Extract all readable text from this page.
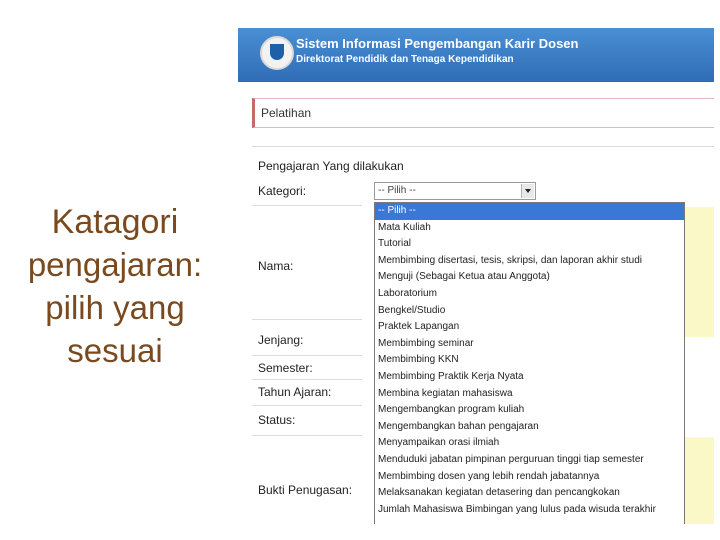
Katagori
pengajaran:
pilih yang
sesuai
Sistem Informasi Pengembangan Karir Dosen
Direktorat Pendidik dan Tenaga Kependidikan
Pelatihan
Pengajaran Yang dilakukan
Kategori:
Nama:
Jenjang:
Semester:
Tahun Ajaran:
Status:
Bukti Penugasan:
-- Pilih --
-- Pilih --
Mata Kuliah
Tutorial
Membimbing disertasi, tesis, skripsi, dan laporan akhir studi
Menguji (Sebagai Ketua atau Anggota)
Laboratorium
Bengkel/Studio
Praktek Lapangan
Membimbing seminar
Membimbing KKN
Membimbing Praktik Kerja Nyata
Membina kegiatan mahasiswa
Mengembangkan program kuliah
Mengembangkan bahan pengajaran
Menyampaikan orasi ilmiah
Menduduki jabatan pimpinan perguruan tinggi tiap semester
Membimbing dosen yang lebih rendah jabatannya
Melaksanakan kegiatan detasering dan pencangkokan
Jumlah Mahasiswa Bimbingan yang lulus pada wisuda terakhir
